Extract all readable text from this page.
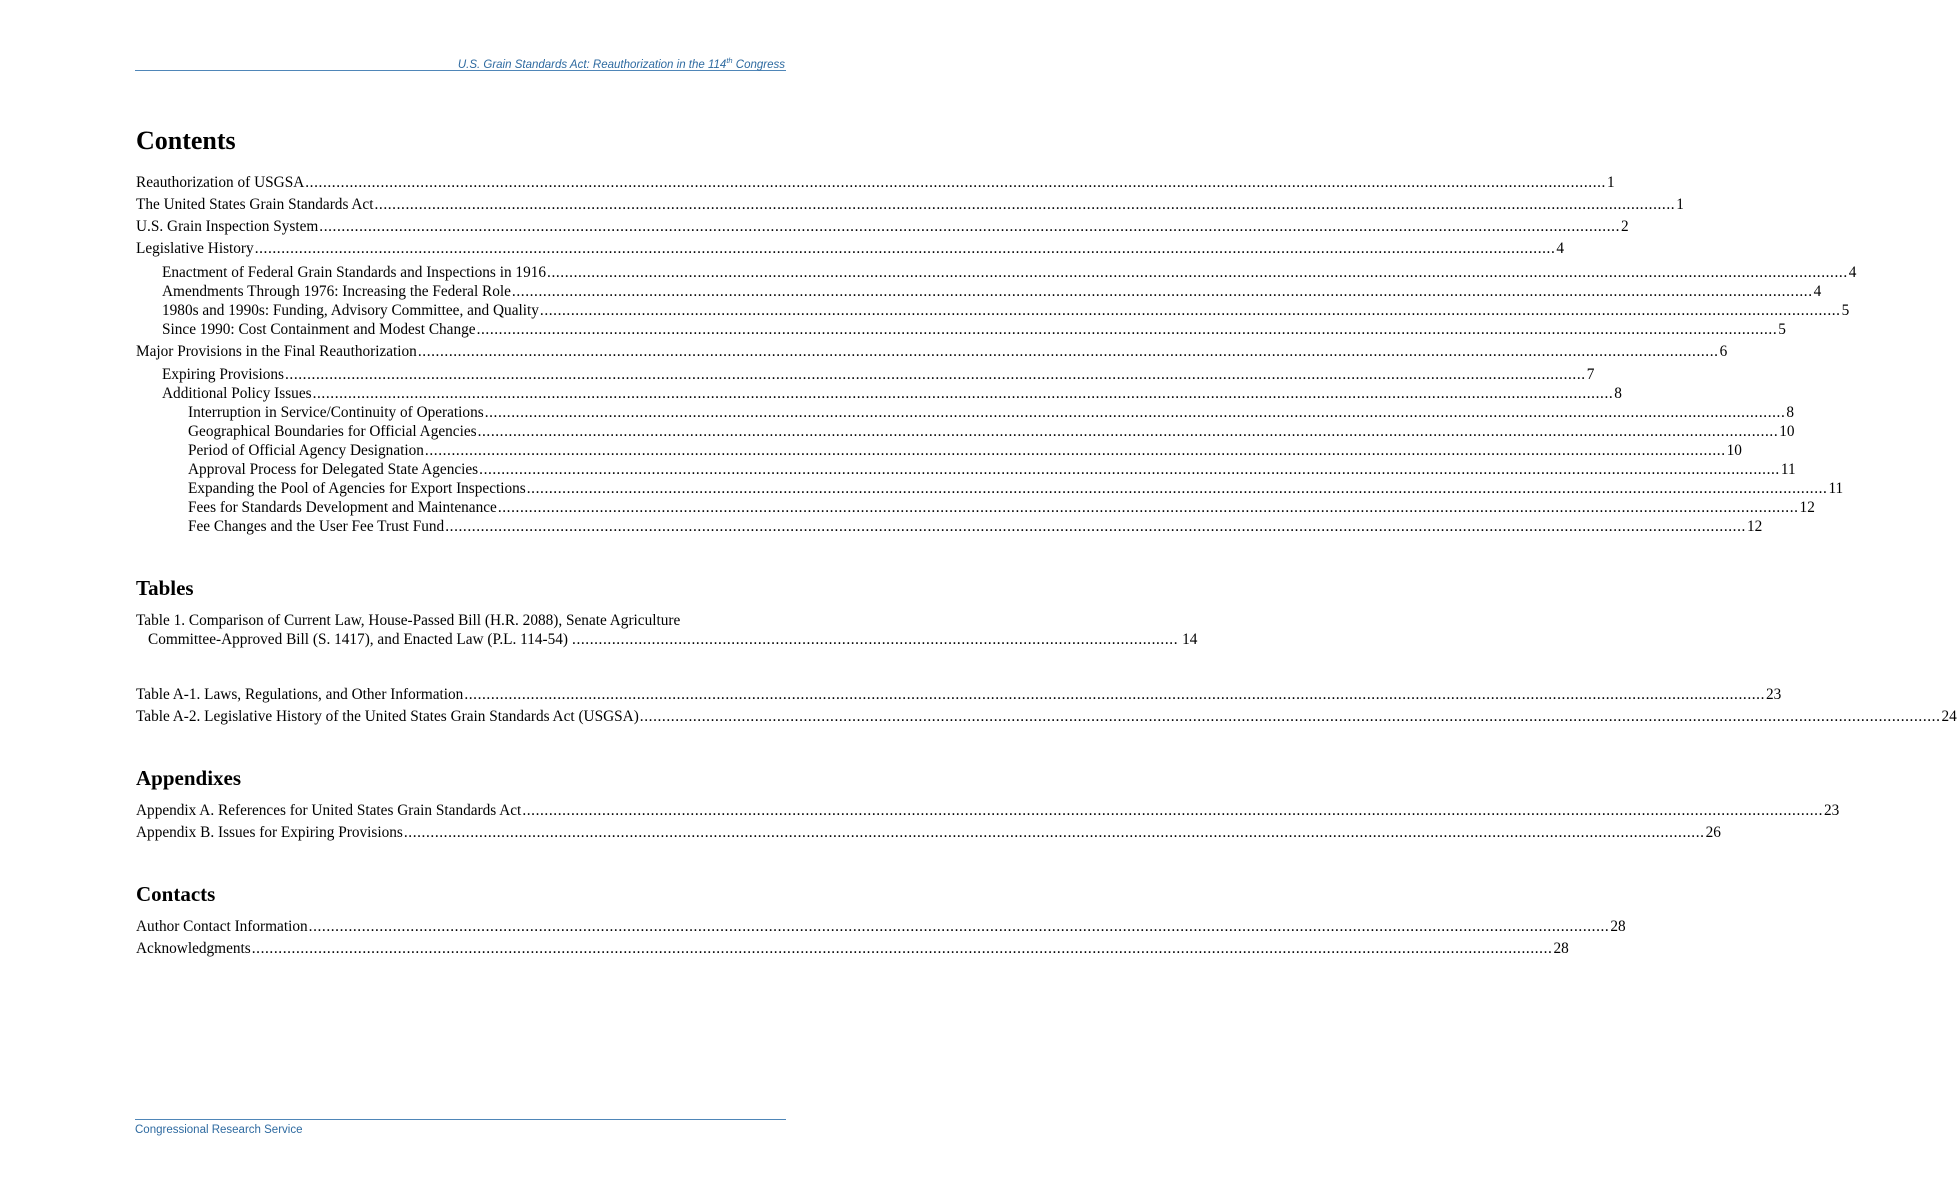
U.S. Grain Standards Act: Reauthorization in the 114th Congress
Contents
Reauthorization of USGSA .....	1
The United States Grain Standards Act .....	1
U.S. Grain Inspection System .....	2
Legislative History .....	4
Enactment of Federal Grain Standards and Inspections in 1916 .....	4
Amendments Through 1976: Increasing the Federal Role .....	4
1980s and 1990s: Funding, Advisory Committee, and Quality .....	5
Since 1990: Cost Containment and Modest Change .....	5
Major Provisions in the Final Reauthorization .....	6
Expiring Provisions .....	7
Additional Policy Issues .....	8
Interruption in Service/Continuity of Operations .....	8
Geographical Boundaries for Official Agencies .....	10
Period of Official Agency Designation .....	10
Approval Process for Delegated State Agencies .....	11
Expanding the Pool of Agencies for Export Inspections .....	11
Fees for Standards Development and Maintenance .....	12
Fee Changes and the User Fee Trust Fund .....	12
Tables
Table 1. Comparison of Current Law, House-Passed Bill (H.R. 2088), Senate Agriculture
Committee-Approved Bill (S. 1417), and Enacted Law (P.L. 114-54) ......................................................................................................................................... 14
Table A-1. Laws, Regulations, and Other Information .....	23
Table A-2. Legislative History of the United States Grain Standards Act (USGSA) .....	24
Appendixes
Appendix A. References for United States Grain Standards Act .....	23
Appendix B. Issues for Expiring Provisions .....	26
Contacts
Author Contact Information .....	28
Acknowledgments .....	28
Congressional Research Service
